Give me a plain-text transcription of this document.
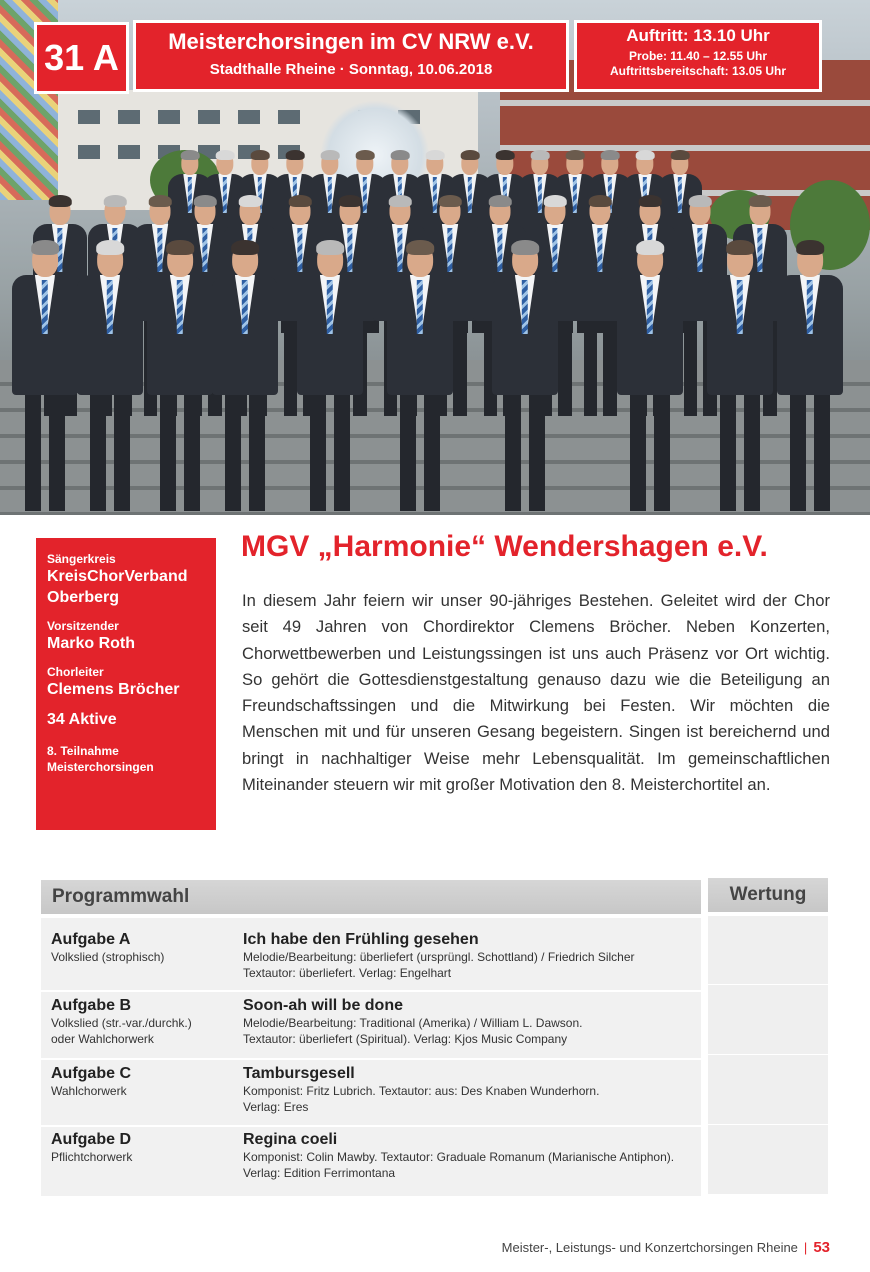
31 A	Meisterchorsingen im CV NRW e.V.
Stadthalle Rheine · Sonntag, 10.06.2018
Auftritt: 13.10 Uhr
Probe: 11.40 – 12.55 Uhr
Auftrittsbereitschaft: 13.05 Uhr
Sängerkreis
KreisChorVerband
Oberberg
Vorsitzender
Marko Roth
Chorleiter
Clemens Bröcher
34 Aktive
8. Teilnahme
Meisterchorsingen
MGV „Harmonie“ Wendershagen e.V.
In diesem Jahr feiern wir unser 90-jähriges Bestehen. Geleitet wird der Chor seit 49 Jahren von Chordirektor Clemens Bröcher. Neben Konzerten, Chorwettbewerben und Leistungssingen ist uns auch Präsenz vor Ort wichtig. So gehört die Gottesdienstgestaltung genauso dazu wie die Beteiligung an Freundschaftssingen und die Mitwirkung bei Festen. Wir möchten die Menschen mit und für unseren Gesang begeistern. Singen ist bereichernd und bringt in nachhaltiger Weise mehr Lebensqualität. Im gemeinschaftlichen Miteinander steuern wir mit großer Motivation den 8. Meisterchortitel an.
Programmwahl	Wertung
Aufgabe A
Volkslied (strophisch)
Ich habe den Frühling gesehen
Melodie/Bearbeitung: überliefert (ursprüngl. Schottland) / Friedrich Silcher
Textautor: überliefert. Verlag: Engelhart
Aufgabe B
Volkslied (str.-var./durchk.)
oder Wahlchorwerk
Soon-ah will be done
Melodie/Bearbeitung: Traditional (Amerika) / William L. Dawson.
Textautor: überliefert (Spiritual). Verlag: Kjos Music Company
Aufgabe C
Wahlchorwerk
Tambursgesell
Komponist: Fritz Lubrich. Textautor: aus: Des Knaben Wunderhorn.
Verlag: Eres
Aufgabe D
Pflichtchorwerk
Regina coeli
Komponist: Colin Mawby. Textautor: Graduale Romanum (Marianische Antiphon).
Verlag: Edition Ferrimontana
Meister-, Leistungs- und Konzertchorsingen Rheine | 53
